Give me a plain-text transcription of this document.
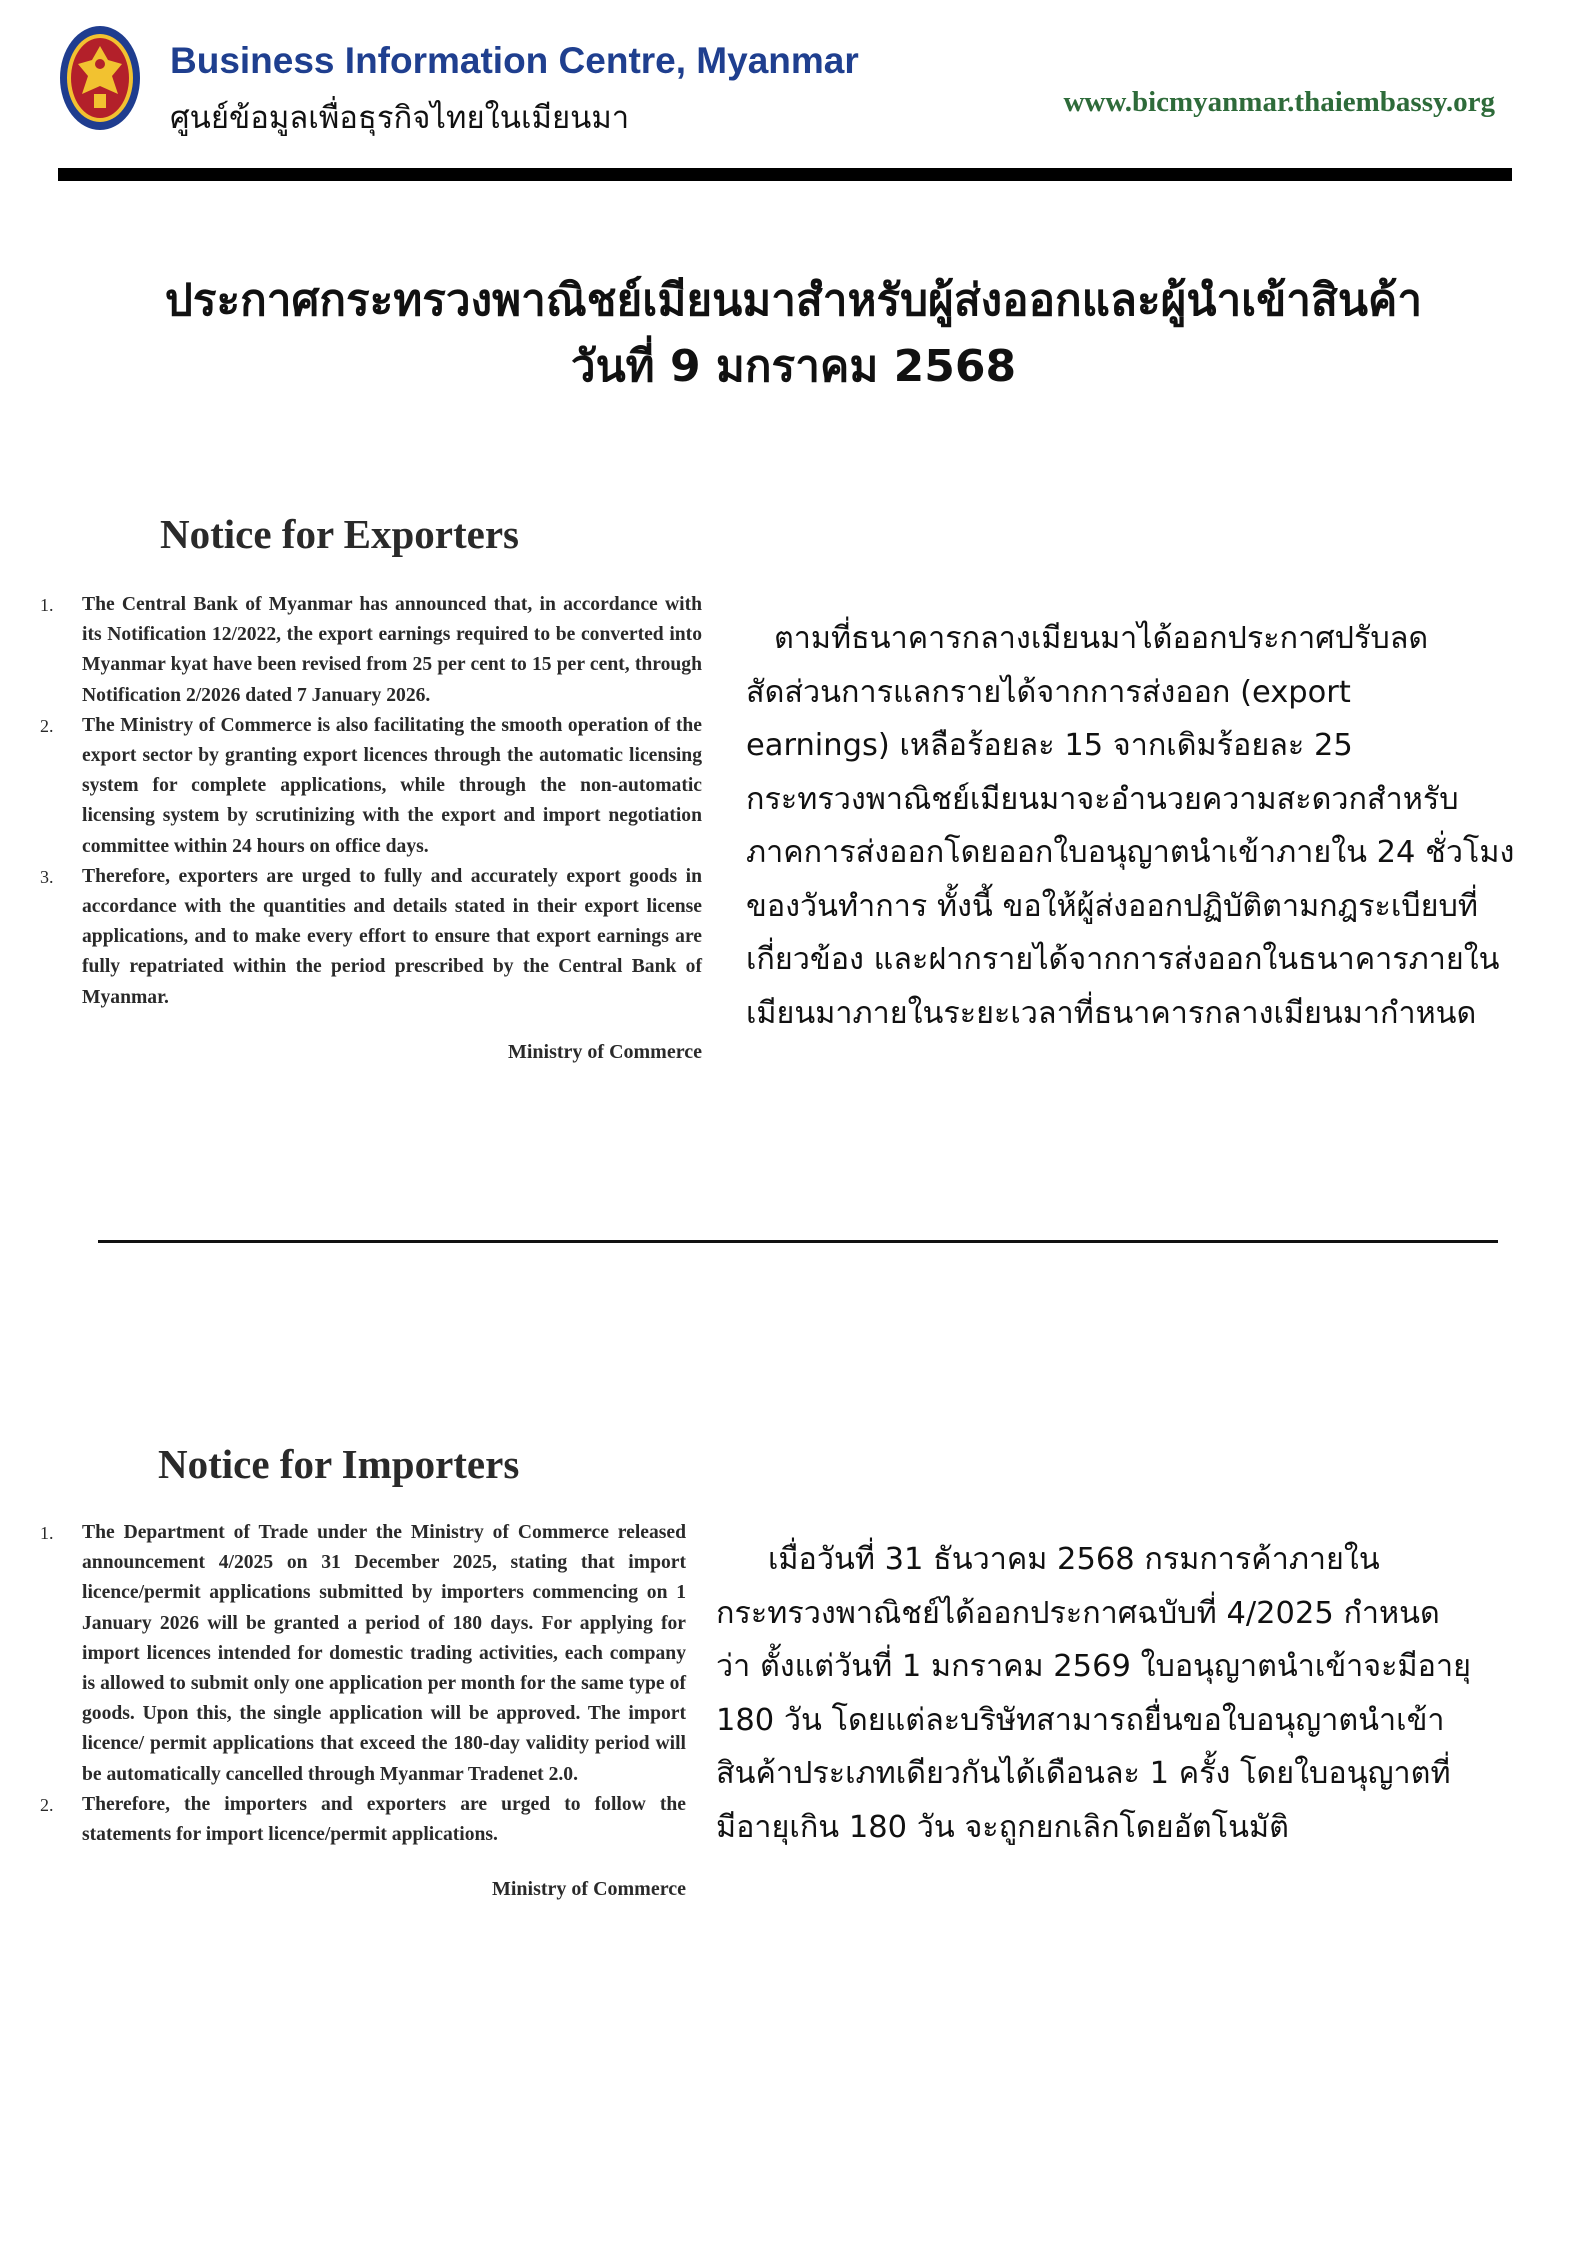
Business Information Centre, Myanmar
ศูนย์ข้อมูลเพื่อธุรกิจไทยในเมียนมา	www.bicmyanmar.thaiembassy.org
ประกาศกระทรวงพาณิชย์เมียนมาสำหรับผู้ส่งออกและผู้นำเข้าสินค้า
วันที่ 9 มกราคม 2568
Notice for Exporters
1. The Central Bank of Myanmar has announced that, in accordance with its Notification 12/2022, the export earnings required to be converted into Myanmar kyat have been revised from 25 per cent to 15 per cent, through Notification 2/2026 dated 7 January 2026.
2. The Ministry of Commerce is also facilitating the smooth operation of the export sector by granting export licences through the automatic licensing system for complete applications, while through the non-automatic licensing system by scrutinizing with the export and import negotiation committee within 24 hours on office days.
3. Therefore, exporters are urged to fully and accurately export goods in accordance with the quantities and details stated in their export license applications, and to make every effort to ensure that export earnings are fully repatriated within the period prescribed by the Central Bank of Myanmar.
Ministry of Commerce
ตามที่ธนาคารกลางเมียนมาได้ออกประกาศปรับลด
สัดส่วนการแลกรายได้จากการส่งออก (export
earnings) เหลือร้อยละ 15 จากเดิมร้อยละ 25
กระทรวงพาณิชย์เมียนมาจะอำนวยความสะดวกสำหรับ
ภาคการส่งออกโดยออกใบอนุญาตนำเข้าภายใน 24 ชั่วโมง
ของวันทำการ ทั้งนี้ ขอให้ผู้ส่งออกปฏิบัติตามกฎระเบียบที่
เกี่ยวข้อง และฝากรายได้จากการส่งออกในธนาคารภายใน
เมียนมาภายในระยะเวลาที่ธนาคารกลางเมียนมากำหนด
Notice for Importers
1. The Department of Trade under the Ministry of Commerce released announcement 4/2025 on 31 December 2025, stating that import licence/permit applications submitted by importers commencing on 1 January 2026 will be granted a period of 180 days. For applying for import licences intended for domestic trading activities, each company is allowed to submit only one application per month for the same type of goods. Upon this, the single application will be approved. The import licence/ permit applications that exceed the 180-day validity period will be automatically cancelled through Myanmar Tradenet 2.0.
2. Therefore, the importers and exporters are urged to follow the statements for import licence/permit applications.
Ministry of Commerce
เมื่อวันที่ 31 ธันวาคม 2568 กรมการค้าภายใน
กระทรวงพาณิชย์ได้ออกประกาศฉบับที่ 4/2025 กำหนด
ว่า ตั้งแต่วันที่ 1 มกราคม 2569 ใบอนุญาตนำเข้าจะมีอายุ
180 วัน โดยแต่ละบริษัทสามารถยื่นขอใบอนุญาตนำเข้า
สินค้าประเภทเดียวกันได้เดือนละ 1 ครั้ง โดยใบอนุญาตที่
มีอายุเกิน 180 วัน จะถูกยกเลิกโดยอัตโนมัติ
